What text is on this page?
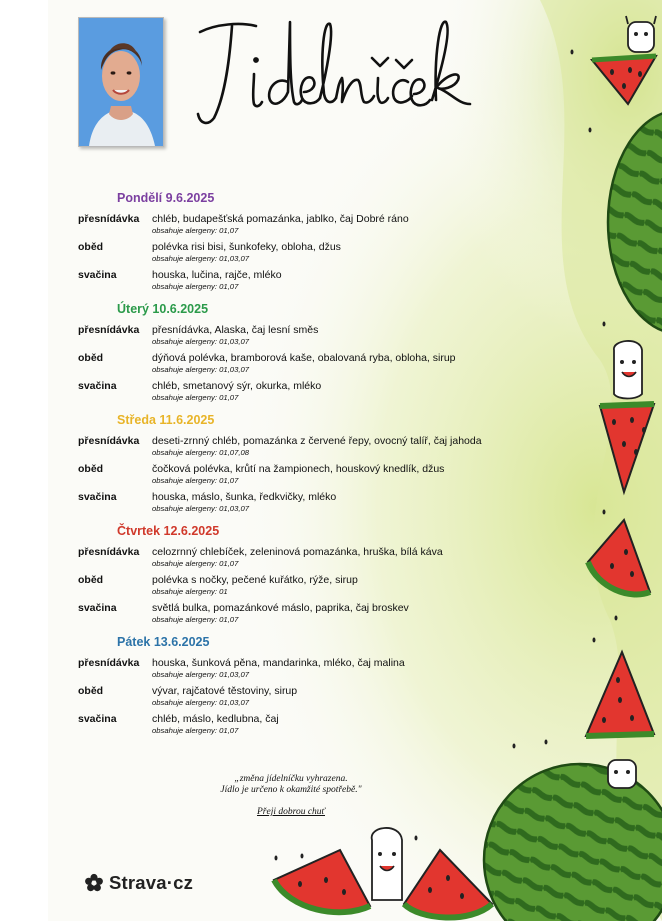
Pondělí 9.6.2025
přesnídávka chléb, budapešťská pomazánka, jablko, čaj Dobré ráno
obsahuje alergeny: 01,07
oběd	polévka risi bisi, šunkofeky, obloha, džus
obsahuje alergeny: 01,03,07
svačina	houska, lučina, rajče, mléko
obsahuje alergeny: 01,07
Úterý 10.6.2025
přesnídávka přesnídávka, Alaska, čaj lesní směs
obsahuje alergeny: 01,03,07
oběd	dýňová polévka, bramborová kaše, obalovaná ryba, obloha, sirup
obsahuje alergeny: 01,03,07
svačina	chléb, smetanový sýr, okurka, mléko
obsahuje alergeny: 01,07
Středa 11.6.2025
přesnídávka deseti-zrnný chléb, pomazánka z červené řepy, ovocný talíř, čaj jahoda
obsahuje alergeny: 01,07,08
oběd	čočková polévka, krůtí na žampionech, houskový knedlík, džus
obsahuje alergeny: 01,07
svačina	houska, máslo, šunka, ředkvičky, mléko
obsahuje alergeny: 01,03,07
Čtvrtek 12.6.2025
přesnídávka celozrnný chlebíček, zeleninová pomazánka, hruška, bílá káva
obsahuje alergeny: 01,07
oběd	polévka s nočky, pečené kuřátko, rýže, sirup
obsahuje alergeny: 01
svačina	světlá bulka, pomazánkové máslo, paprika, čaj broskev
obsahuje alergeny: 01,07
Pátek 13.6.2025
přesnídávka houska, šunková pěna, mandarinka, mléko, čaj malina
obsahuje alergeny: 01,03,07
oběd	vývar, rajčatové těstoviny, sirup
obsahuje alergeny: 01,03,07
svačina	chléb, máslo, kedlubna, čaj
obsahuje alergeny: 01,07
„změna jídelníčku vyhrazena.
Jídlo je určeno k okamžité spotřebě."
Přeji dobrou chuť
Strava·cz
